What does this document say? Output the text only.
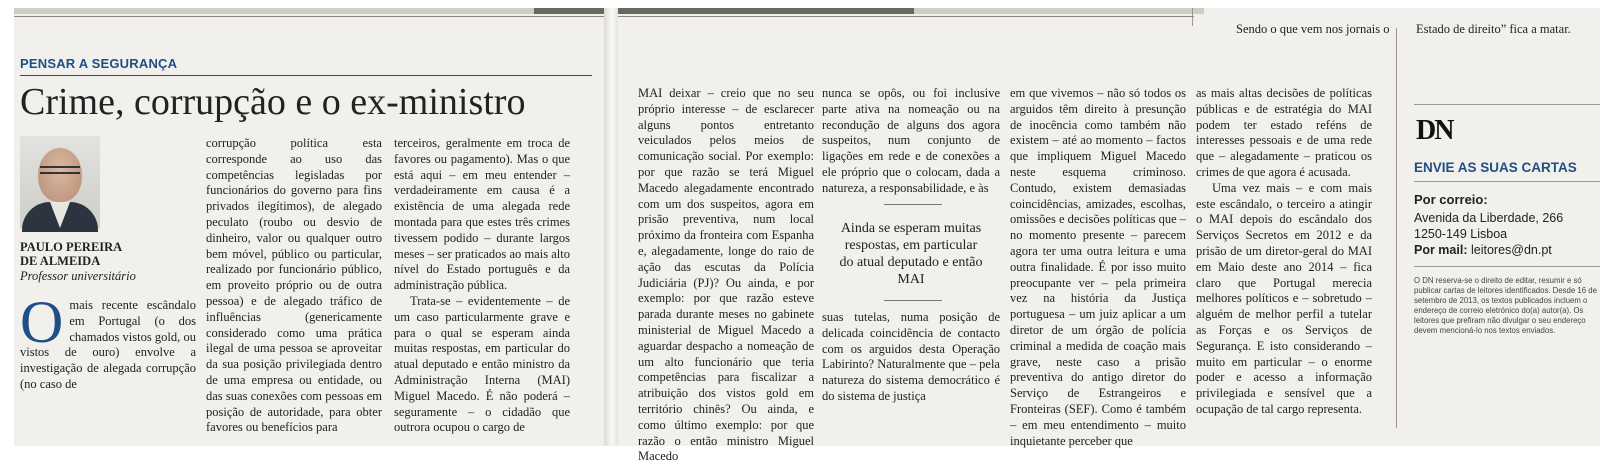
Sendo o que vem nos jornais o Estado de direito” fica a matar.
PENSAR A SEGURANÇA
Crime, corrupção e o ex-ministro

PAULO PEREIRA

DE ALMEIDA

Professor universitário

O mais recente escândalo em Portugal (o dos chamados vistos gold, ou vistos de ouro) envolve a investigação de alegada corrupção (no caso de

corrupção política esta corresponde ao uso das competências legisladas por funcionários do governo para fins privados ilegítimos), de alegado peculato (roubo ou desvio de dinheiro, valor ou qualquer outro bem móvel, público ou particular, realizado por funcionário público, em proveito próprio ou de outra pessoa) e de alegado tráfico de influências (genericamente considerado como uma prática ilegal de uma pessoa se aproveitar da sua posição privilegiada dentro de uma empresa ou entidade, ou das suas conexões com pessoas em posição de autoridade, para obter favores ou benefícios para

terceiros, geralmente em troca de favores ou pagamento). Mas o que está aqui – em meu entender – verdadeiramente em causa é a existência de uma alegada rede montada para que estes três crimes tivessem podido – durante largos meses – ser praticados ao mais alto nível do Estado português e da administração pública.

Trata-se – evidentemente – de um caso particularmente grave e para o qual se esperam ainda muitas respostas, em particular do atual deputado e então ministro da Administração Interna (MAI) Miguel Macedo. É não poderá – seguramente – o cidadão que outrora ocupou o cargo de

MAI deixar – creio que no seu próprio interesse – de esclarecer alguns pontos entretanto veiculados pelos meios de comunicação social. Por exemplo: por que razão se terá Miguel Macedo alegadamente encontrado com um dos suspeitos, agora em prisão preventiva, num local próximo da fronteira com Espanha e, alegadamente, longe do raio de ação das escutas da Polícia Judiciária (PJ)? Ou ainda, e por exemplo: por que razão esteve parada durante meses no gabinete ministerial de Miguel Macedo a aguardar despacho a nomeação de um alto funcionário que teria competências para fiscalizar a atribuição dos vistos gold em território chinês? Ou ainda, e como último exemplo: por que razão o então ministro Miguel Macedo

nunca se opôs, ou foi inclusive parte ativa na nomeação ou na recondução de alguns dos agora suspeitos, num conjunto de ligações em rede e de conexões a ele próprio que o colocam, dada a natureza, a responsabilidade, e às

Ainda se esperam muitas respostas, em particular do atual deputado e então MAI

suas tutelas, numa posição de delicada coincidência de contacto com os arguidos desta Operação Labirinto? Naturalmente que – pela natureza do sistema democrático é do sistema de justiça

em que vivemos – não só todos os arguidos têm direito à presunção de inocência como também não existem – até ao momento – factos que impliquem Miguel Macedo neste esquema criminoso. Contudo, existem demasiadas coincidências, amizades, escolhas, omissões e decisões políticas que – no momento presente – parecem agora ter uma outra leitura e uma outra finalidade. É por isso muito preocupante ver – pela primeira vez na história da Justiça portuguesa – um juiz aplicar a um diretor de um órgão de polícia criminal a medida de coação mais grave, neste caso a prisão preventiva do antigo diretor do Serviço de Estrangeiros e Fronteiras (SEF). Como é também – em meu entendimento – muito inquietante perceber que

as mais altas decisões de políticas públicas e de estratégia do MAI podem ter estado reféns de interesses pessoais e de uma rede que – alegadamente – praticou os crimes de que agora é acusada.

Uma vez mais – e com mais este escândalo, o terceiro a atingir o MAI depois do escândalo dos Serviços Secretos em 2012 e da prisão de um diretor-geral do MAI em Maio deste ano 2014 – fica claro que Portugal merecia melhores políticos e – sobretudo – alguém de melhor perfil a tutelar as Forças e os Serviços de Segurança. E isto considerando – muito em particular – o enorme poder e acesso a informação privilegiada e sensível que a ocupação de tal cargo representa.

DN
ENVIE AS SUAS CARTAS
Por correio:
Avenida da Liberdade, 266
1250-149 Lisboa
Por mail: leitores@dn.pt
O DN reserva-se o direito de editar, resumir e só publicar cartas de leitores identificados. Desde 16 de setembro de 2013, os textos publicados incluem o endereço de correio eletrónico do(a) autor(a). Os leitores que prefiram não divulgar o seu endereço devem mencioná-lo nos textos enviados.
